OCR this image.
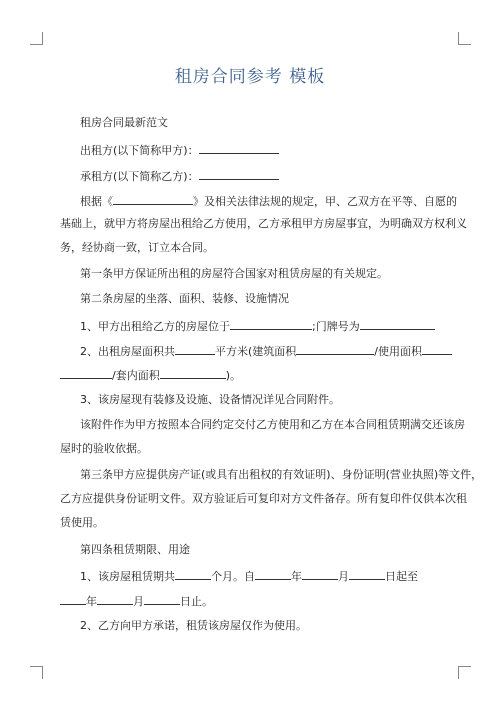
租房合同参考 模板
租房合同最新范文
出租方(以下简称甲方)：
承租方(以下简称乙方)：
根据《	》及相关法律法规的规定，甲、乙双方在平等、自愿的
基础上，就甲方将房屋出租给乙方使用，乙方承租甲方房屋事宜，为明确双方权利义
务，经协商一致，订立本合同。
第一条甲方保证所出租的房屋符合国家对租赁房屋的有关规定。
第二条房屋的坐落、面积、装修、设施情况
1、甲方出租给乙方的房屋位于	;门牌号为
2、出租房屋面积共	平方米(建筑面积	/使用面积
/套内面积	)。
3、该房屋现有装修及设施、设备情况详见合同附件。
该附件作为甲方按照本合同约定交付乙方使用和乙方在本合同租赁期满交还该房
屋时的验收依据。
第三条甲方应提供房产证(或具有出租权的有效证明)、身份证明(营业执照)等文件，
乙方应提供身份证明文件。双方验证后可复印对方文件备存。所有复印件仅供本次租
赁使用。
第四条租赁期限、用途
1、该房屋租赁期共	个月。自	年	月	日起至
年	月	日止。
2、乙方向甲方承诺，租赁该房屋仅作为使用。
